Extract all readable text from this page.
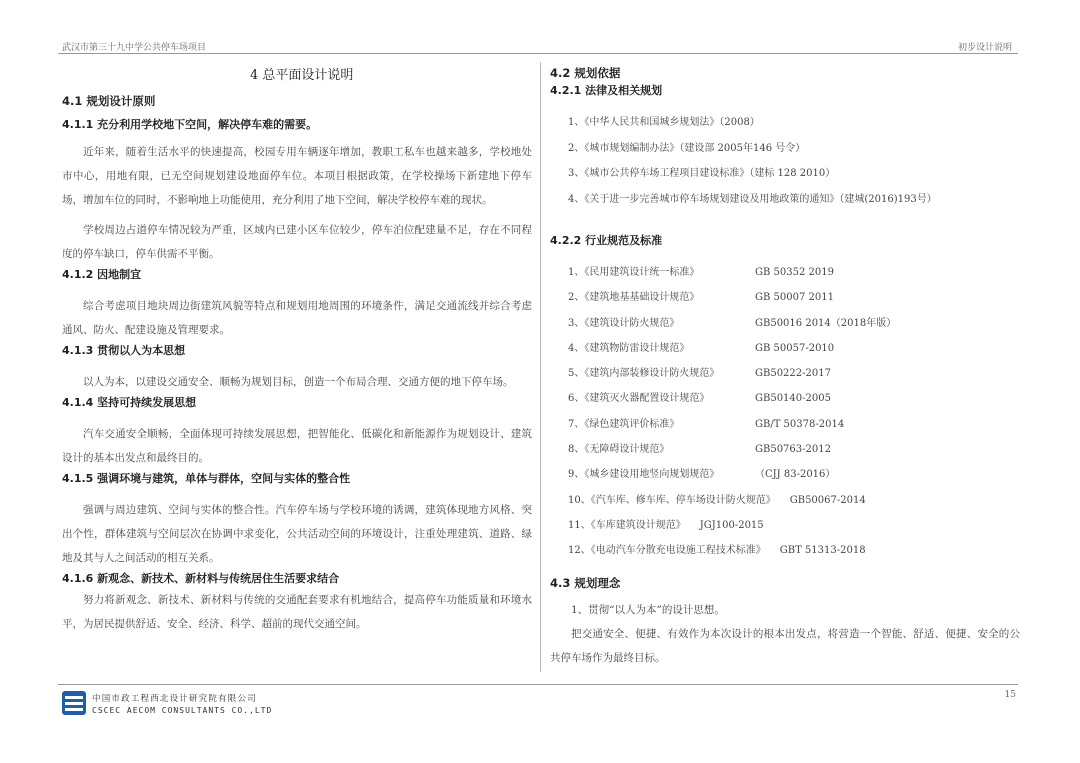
武汉市第三十九中学公共停车场项目	初步设计说明
4 总平面设计说明
4.1 规划设计原则
4.1.1 充分利用学校地下空间，解决停车难的需要。
近年来，随着生活水平的快速提高，校园专用车辆逐年增加，教职工私车也越来越多，学校地处市中心，用地有限，已无空间规划建设地面停车位。本项目根据政策，在学校操场下新建地下停车场，增加车位的同时，不影响地上功能使用，充分利用了地下空间，解决学校停车难的现状。
学校周边占道停车情况较为严重，区域内已建小区车位较少，停车泊位配建量不足，存在不同程度的停车缺口，停车供需不平衡。
4.1.2 因地制宜
综合考虑项目地块周边街建筑风貌等特点和规划用地周围的环境条件，满足交通流线并综合考虑通风、防火、配建设施及管理要求。
4.1.3 贯彻以人为本思想
以人为本，以建设交通安全、顺畅为规划目标，创造一个布局合理、交通方便的地下停车场。
4.1.4 坚持可持续发展思想
汽车交通安全顺畅，全面体现可持续发展思想，把智能化、低碳化和新能源作为规划设计、建筑设计的基本出发点和最终目的。
4.1.5 强调环境与建筑，单体与群体，空间与实体的整合性
强调与周边建筑、空间与实体的整合性。汽车停车场与学校环境的诱调，建筑体现地方风格、突出个性，群体建筑与空间层次在协调中求变化，公共活动空间的环境设计，注重处理建筑、道路、绿地及其与人之间活动的相互关系。
4.1.6 新观念、新技术、新材料与传统居住生活要求结合
努力将新观念、新技术、新材料与传统的交通配套要求有机地结合，提高停车功能质量和环境水平，为居民提供舒适、安全、经济、科学、超前的现代交通空间。
4.2 规划依据
4.2.1 法律及相关规划
1、《中华人民共和国城乡规划法》（2008）
2、《城市规划编制办法》（建设部 2005年146 号令）
3、《城市公共停车场工程项目建设标准》（建标 128 2010）
4、《关于进一步完善城市停车场规划建设及用地政策的通知》（建城(2016)193号）
4.2.2 行业规范及标准
1、《民用建筑设计统一标准》	GB 50352 2019
2、《建筑地基基础设计规范》	GB 50007 2011
3、《建筑设计防火规范》	GB50016 2014（2018年版）
4、《建筑物防雷设计规范》	GB 50057-2010
5、《建筑内部装修设计防火规范》	GB50222-2017
6、《建筑灭火器配置设计规范》	GB50140-2005
7、《绿色建筑评价标准》	GB/T 50378-2014
8、《无障碍设计规范》	GB50763-2012
9、《城乡建设用地竖向规划规范》	（CJJ 83-2016）
10、《汽车库、修车库、停车场设计防火规范》 GB50067-2014
11、《车库建筑设计规范》 JGJ100-2015
12、《电动汽车分散充电设施工程技术标准》 GBT 51313-2018
4.3 规划理念
1、贯彻“以人为本”的设计思想。
把交通安全、便捷、有效作为本次设计的根本出发点，将营造一个智能、舒适、便捷、安全的公共停车场作为最终目标。
中国市政工程西北设计研究院有限公司
CSCEC AECOM CONSULTANTS CO.,LTD
15
